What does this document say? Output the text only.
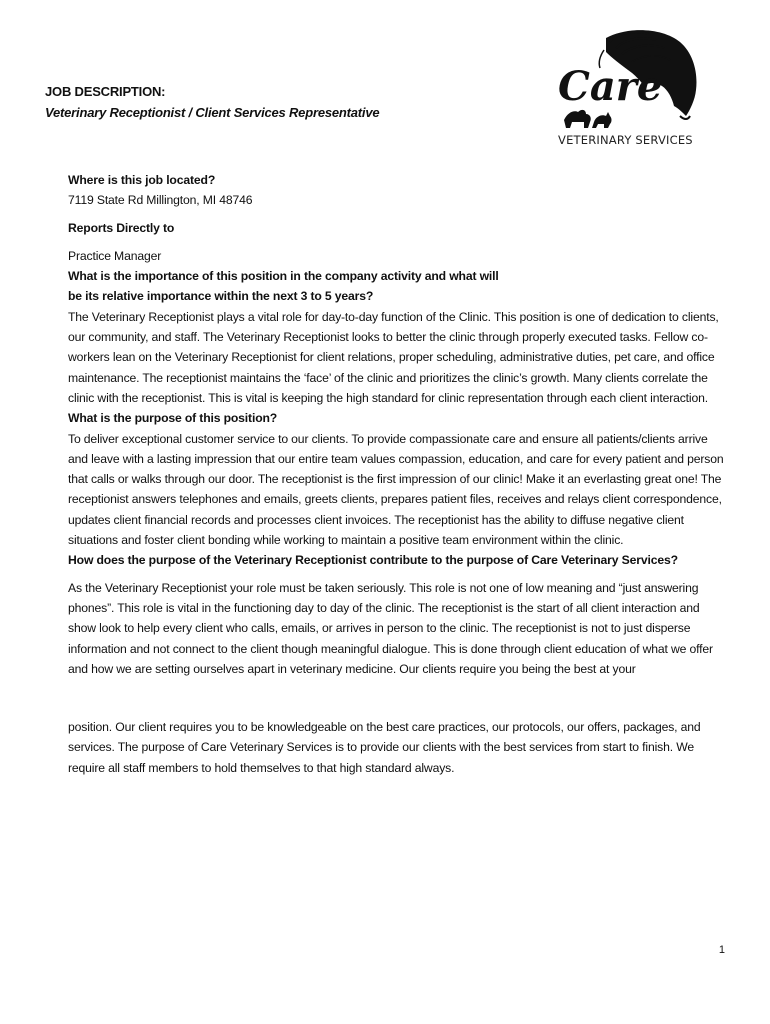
JOB DESCRIPTION:
Veterinary Receptionist / Client Services Representative
Care
VETERINARY SERVICES

Where is this job located?

7119 State Rd Millington, MI 48746

Reports Directly to

Practice Manager

What is the importance of this position in the company activity and what will

be its relative importance within the next 3 to 5 years?

The Veterinary Receptionist plays a vital role for day-to-day function of the Clinic. This position is one of dedication to clients, our community, and staff. The Veterinary Receptionist looks to better the clinic through properly executed tasks. Fellow co-workers lean on the Veterinary Receptionist for client relations, proper scheduling, administrative duties, pet care, and office maintenance. The receptionist maintains the ‘face’ of the clinic and prioritizes the clinic’s growth. Many clients correlate the clinic with the receptionist. This is vital is keeping the high standard for clinic representation through each client interaction.

What is the purpose of this position?

To deliver exceptional customer service to our clients. To provide compassionate care and ensure all patients/clients arrive and leave with a lasting impression that our entire team values compassion, education, and care for every patient and person that calls or walks through our door. The receptionist is the first impression of our clinic! Make it an everlasting great one! The receptionist answers telephones and emails, greets clients, prepares patient files, receives and relays client correspondence, updates client financial records and processes client invoices. The receptionist has the ability to diffuse negative client situations and foster client bonding while working to maintain a positive team environment within the clinic.

How does the purpose of the Veterinary Receptionist contribute to the purpose of Care Veterinary Services?

As the Veterinary Receptionist your role must be taken seriously. This role is not one of low meaning and “just answering phones”. This role is vital in the functioning day to day of the clinic. The receptionist is the start of all client interaction and show look to help every client who calls, emails, or arrives in person to the clinic. The receptionist is not to just disperse information and not connect to the client though meaningful dialogue. This is done through client education of what we offer and how we are setting ourselves apart in veterinary medicine. Our clients require you being the best at your

position. Our client requires you to be knowledgeable on the best care practices, our protocols, our offers, packages, and services. The purpose of Care Veterinary Services is to provide our clients with the best services from start to finish. We require all staff members to hold themselves to that high standard always.

1
